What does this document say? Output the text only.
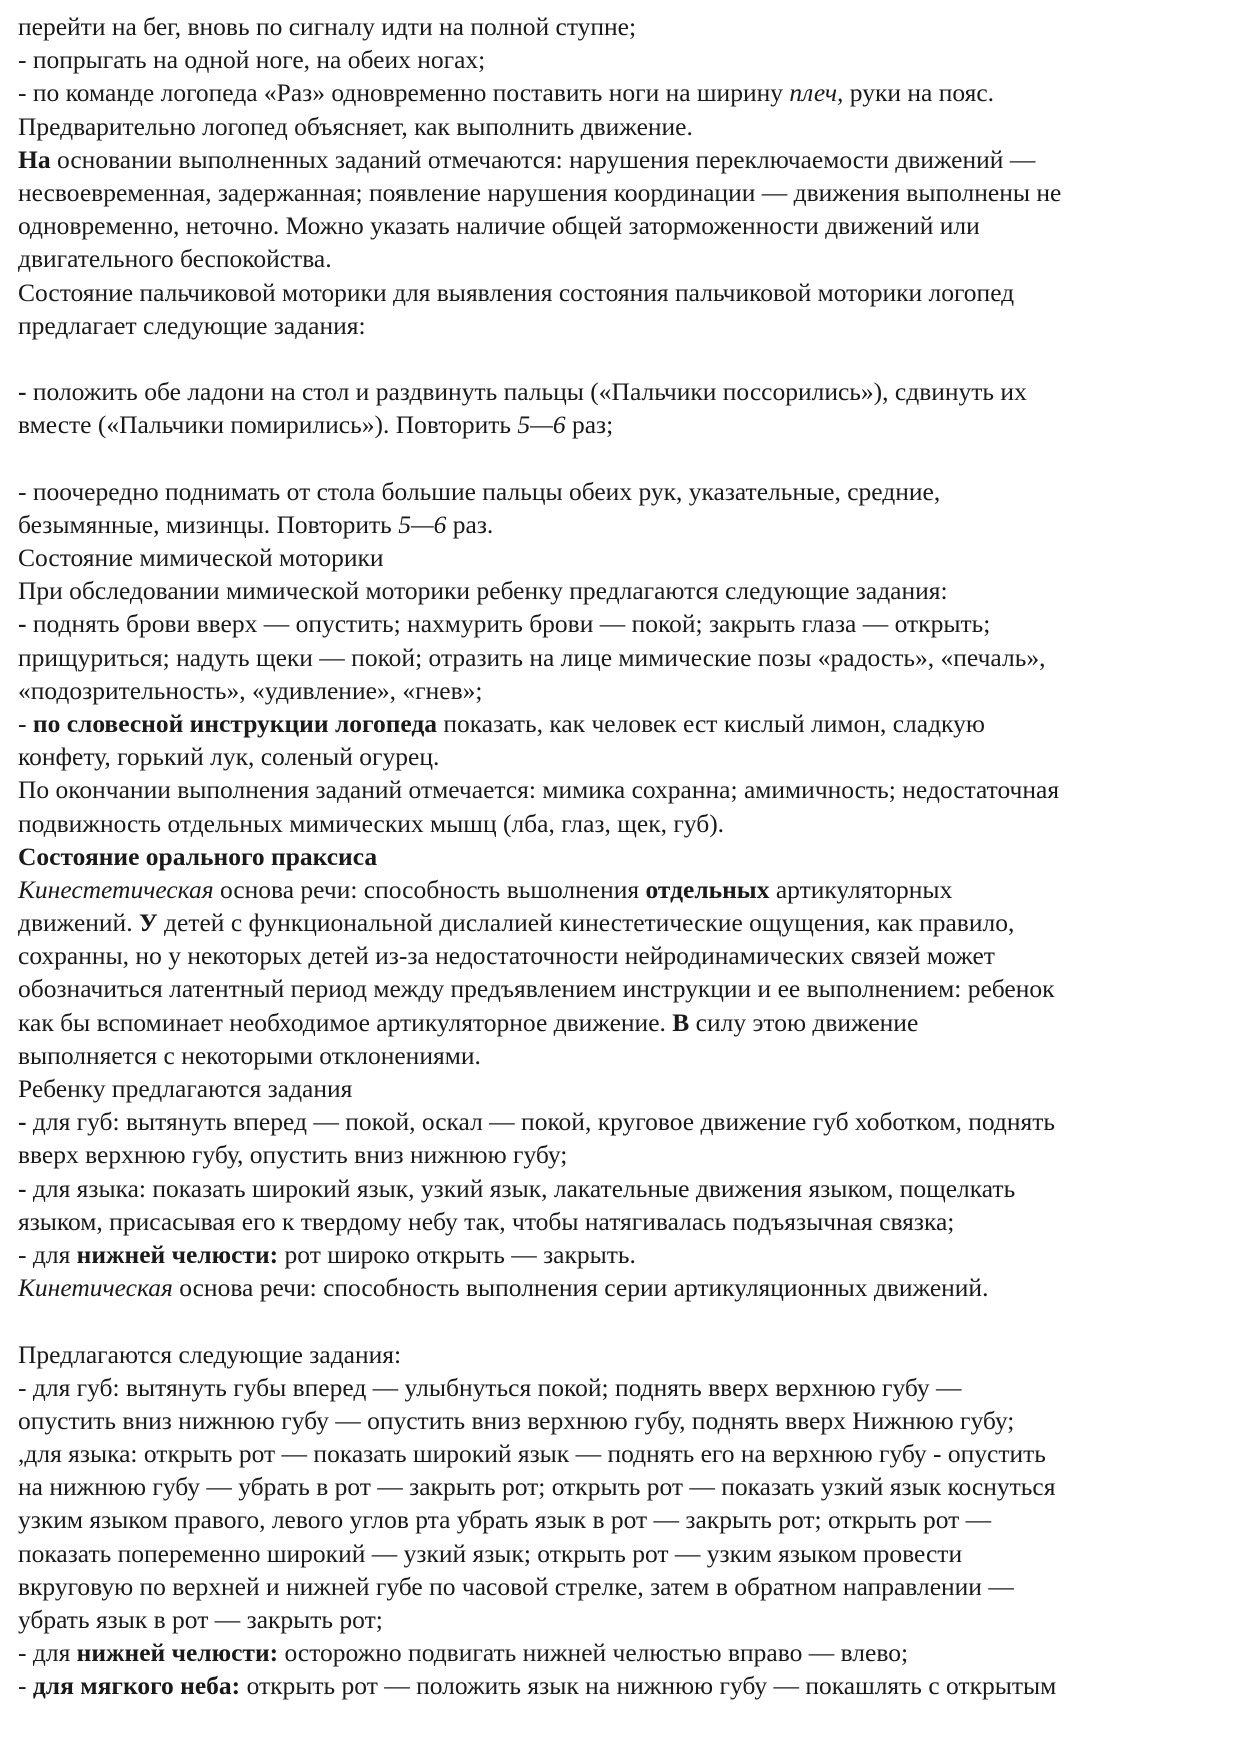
перейти на бег, вновь по сигналу идти на полной ступне;
- попрыгать на одной ноге, на обеих ногах;
- по команде логопеда «Раз» одновременно поставить ноги на ширину плеч, руки на пояс.
Предварительно логопед объясняет, как выполнить движение.
На основании выполненных заданий отмечаются: нарушения переключаемости движений —
несвоевременная, задержанная; появление нарушения координации — движения выполнены не
одновременно, неточно. Можно указать наличие общей заторможенности движений или
двигательного беспокойства.
Состояние пальчиковой моторики для выявления состояния пальчиковой моторики логопед
предлагает следующие задания:
- положить обе ладони на стол и раздвинуть пальцы («Пальчики поссорились»), сдвинуть их
вместе («Пальчики помирились»). Повторить 5—6 раз;
- поочередно поднимать от стола большие пальцы обеих рук, указательные, средние,
безымянные, мизинцы. Повторить 5—6 раз.
Состояние мимической моторики
При обследовании мимической моторики ребенку предлагаются следующие задания:
- поднять брови вверх — опустить; нахмурить брови — покой; закрыть глаза — открыть;
прищуриться; надуть щеки — покой; отразить на лице мимические позы «радость», «печаль»,
«подозрительность», «удивление», «гнев»;
- по словесной инструкции логопеда показать, как человек ест кислый лимон, сладкую
конфету, горький лук, соленый огурец.
По окончании выполнения заданий отмечается: мимика сохранна; амимичность; недостаточная
подвижность отдельных мимических мышц (лба, глаз, щек, губ).
Состояние орального праксиса
Кинестетическая основа речи: способность вьшолнения отдельных артикуляторных
движений. У детей с функциональной дислалией кинестетические ощущения, как правило,
сохранны, но у некоторых детей из-за недостаточности нейродинамических связей может
обозначиться латентный период между предъявлением инструкции и ее выполнением: ребенок
как бы вспоминает необходимое артикуляторное движение. В силу этою движение
выполняется с некоторыми отклонениями.
Ребенку предлагаются задания
- для губ: вытянуть вперед — покой, оскал — покой, круговое движение губ хоботком, поднять
вверх верхнюю губу, опустить вниз нижнюю губу;
- для языка: показать широкий язык, узкий язык, лакательные движения языком, пощелкать
языком, присасывая его к твердому небу так, чтобы натягивалась подъязычная связка;
- для нижней челюсти: рот широко открыть — закрыть.
Кинетическая основа речи: способность выполнения серии артикуляционных движений.
Предлагаются следующие задания:
- для губ: вытянуть губы вперед — улыбнуться покой; поднять вверх верхнюю губу —
опустить вниз нижнюю губу — опустить вниз верхнюю губу, поднять вверх Нижнюю губу;
,для языка: открыть рот — показать широкий язык — поднять его на верхнюю губу - опустить
на нижнюю губу — убрать в рот — закрыть рот; открыть рот — показать узкий язык коснуться
узким языком правого, левого углов рта убрать язык в рот — закрыть рот; открыть рот —
показать попеременно широкий — узкий язык; открыть рот — узким языком провести
вкруговую по верхней и нижней губе по часовой стрелке, затем в обратном направлении —
убрать язык в рот — закрыть рот;
- для нижней челюсти: осторожно подвигать нижней челюстью вправо — влево;
- для мягкого неба: открыть рот — положить язык на нижнюю губу — покашлять с открытым
